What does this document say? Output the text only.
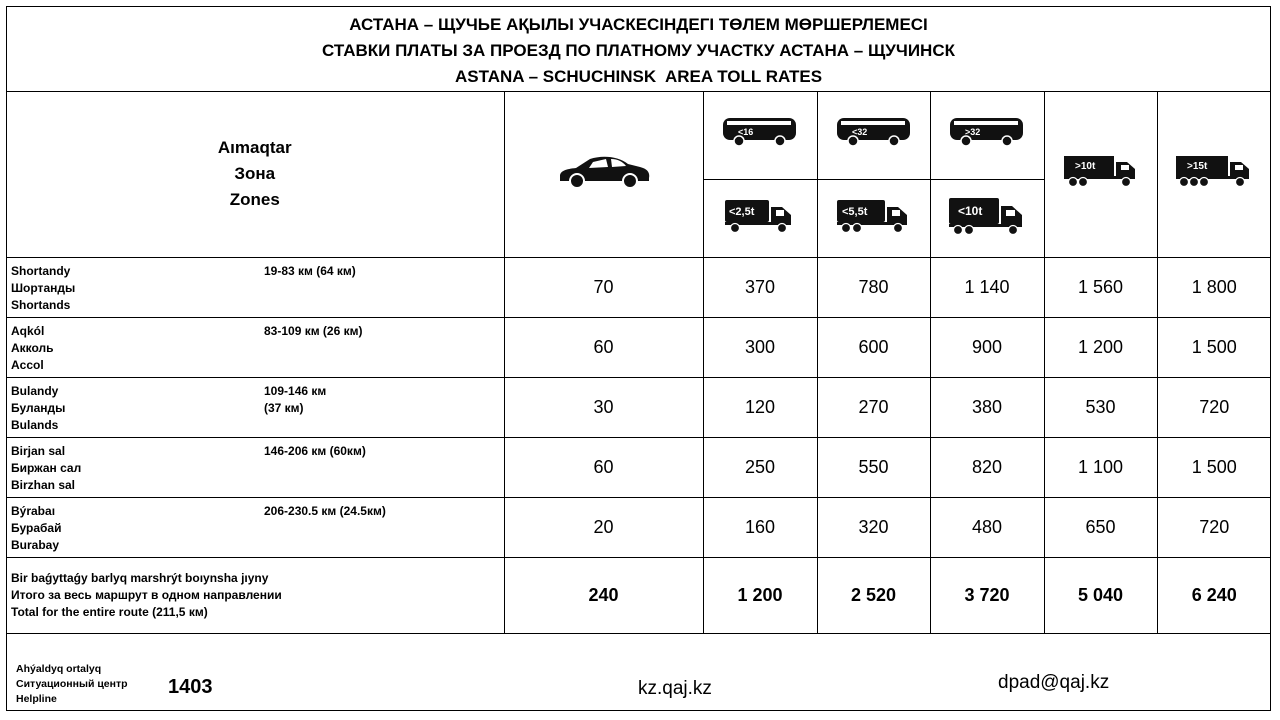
АСТАНА – ЩУЧЬЕ АҚЫЛЫ УЧАСКЕСІНДЕГІ ТӨЛЕМ МӨРШЕРЛЕМЕСІ
СТАВКИ ПЛАТЫ ЗА ПРОЕЗД ПО ПЛАТНОМУ УЧАСТКУ АСТАНА – ЩУЧИНСК
ASTANA – SCHUCHINSK  AREA TOLL RATES
Aımaqtar
Зона
Zones		<16	<32	>32	>10t	>15t

<2,5t	<5,5t	<10t		

Shortandy
Шортанды
Shortands
19-83 км (64 км)	70	370	780	1 140	1 560	1 800

Aqkól
Акколь
Accol
83-109 км (26 км)	60	300	600	900	1 200	1 500

Bulandy
Буланды
Bulands
109-146 км
(37 км)	30	120	270	380	530	720

Birjan sal
Биржан сал
Birzhan sal
146-206 км (60км)	60	250	550	820	1 100	1 500

Býrabaı
Бурабай
Burabay
206-230.5 км (24.5км)	20	160	320	480	650	720

Bir baǵyttaǵy barlyq marshrýt boıynsha jıyny
Итого за весь маршрут в одном направлении
Total for the entire route (211,5 км)	240	1 200	2 520	3 720	5 040	6 240
Ahýaldyq ortalyq
Ситуационный центр
Helpline
1403	kz.qaj.kz	dpad@qaj.kz
